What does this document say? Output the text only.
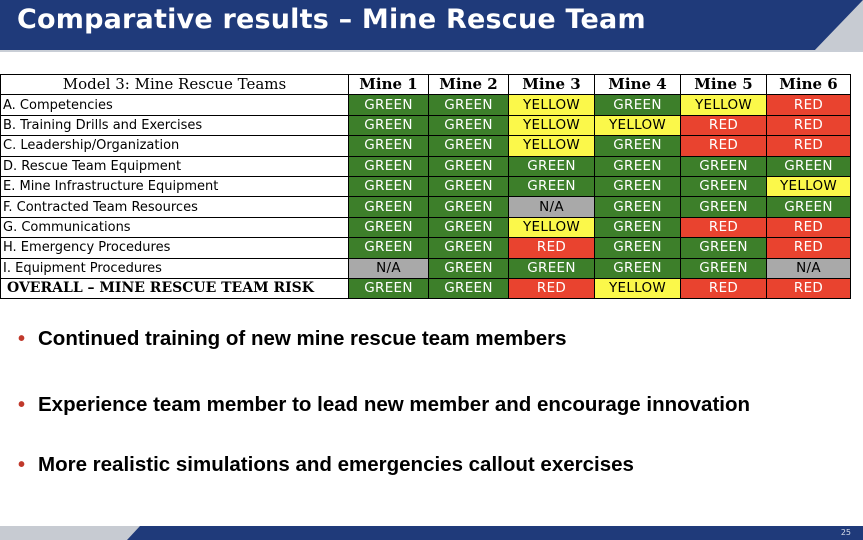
Comparative results – Mine Rescue Team
Model 3: Mine Rescue Teams	Mine 1	Mine 2	Mine 3	Mine 4	Mine 5	Mine 6
A. Competencies	GREEN	GREEN	YELLOW	GREEN	YELLOW	RED
B. Training Drills and Exercises	GREEN	GREEN	YELLOW	YELLOW	RED	RED
C. Leadership/Organization	GREEN	GREEN	YELLOW	GREEN	RED	RED
D. Rescue Team Equipment	GREEN	GREEN	GREEN	GREEN	GREEN	GREEN
E. Mine Infrastructure Equipment	GREEN	GREEN	GREEN	GREEN	GREEN	YELLOW
F. Contracted Team Resources	GREEN	GREEN	N/A	GREEN	GREEN	GREEN
G. Communications	GREEN	GREEN	YELLOW	GREEN	RED	RED
H. Emergency Procedures	GREEN	GREEN	RED	GREEN	GREEN	RED
I. Equipment Procedures	N/A	GREEN	GREEN	GREEN	GREEN	N/A
OVERALL – MINE RESCUE TEAM RISK	GREEN	GREEN	RED	YELLOW	RED	RED
• Continued training of new mine rescue team members
• Experience team member to lead new member and encourage innovation
• More realistic simulations and emergencies callout exercises
25
